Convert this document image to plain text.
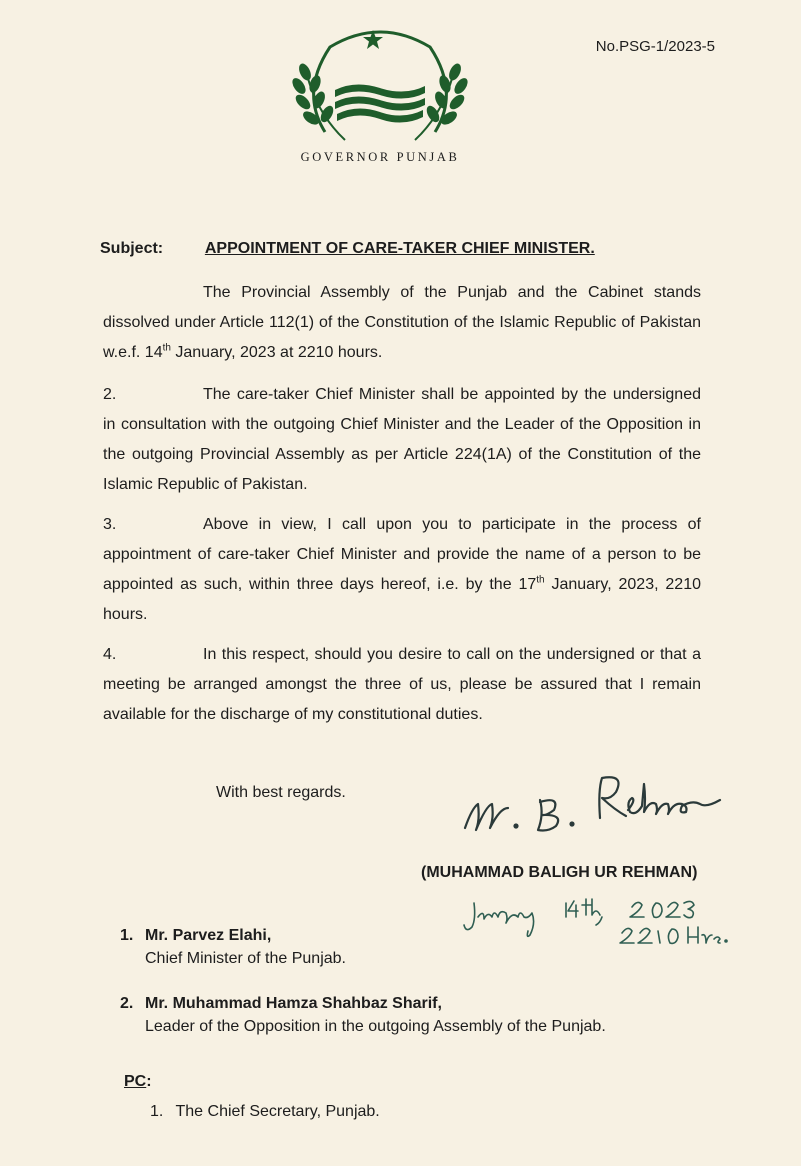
No.PSG-1/2023-5
GOVERNOR PUNJAB
Subject:	APPOINTMENT OF CARE-TAKER CHIEF MINISTER.

The Provincial Assembly of the Punjab and the Cabinet stands dissolved under Article 112(1) of the Constitution of the Islamic Republic of Pakistan w.e.f. 14th January, 2023 at 2210 hours.

2.	The care-taker Chief Minister shall be appointed by the undersigned in consultation with the outgoing Chief Minister and the Leader of the Opposition in the outgoing Provincial Assembly as per Article 224(1A) of the Constitution of the Islamic Republic of Pakistan.

3.	Above in view, I call upon you to participate in the process of appointment of care-taker Chief Minister and provide the name of a person to be appointed as such, within three days hereof, i.e. by the 17th January, 2023, 2210 hours.

4.	In this respect, should you desire to call on the undersigned or that a meeting be arranged amongst the three of us, please be assured that I remain available for the discharge of my constitutional duties.

With best regards.
(MUHAMMAD BALIGH UR REHMAN)
1. Mr. Parvez Elahi,
Chief Minister of the Punjab.
2. Mr. Muhammad Hamza Shahbaz Sharif,
Leader of the Opposition in the outgoing Assembly of the Punjab.
PC:
1. The Chief Secretary, Punjab.
